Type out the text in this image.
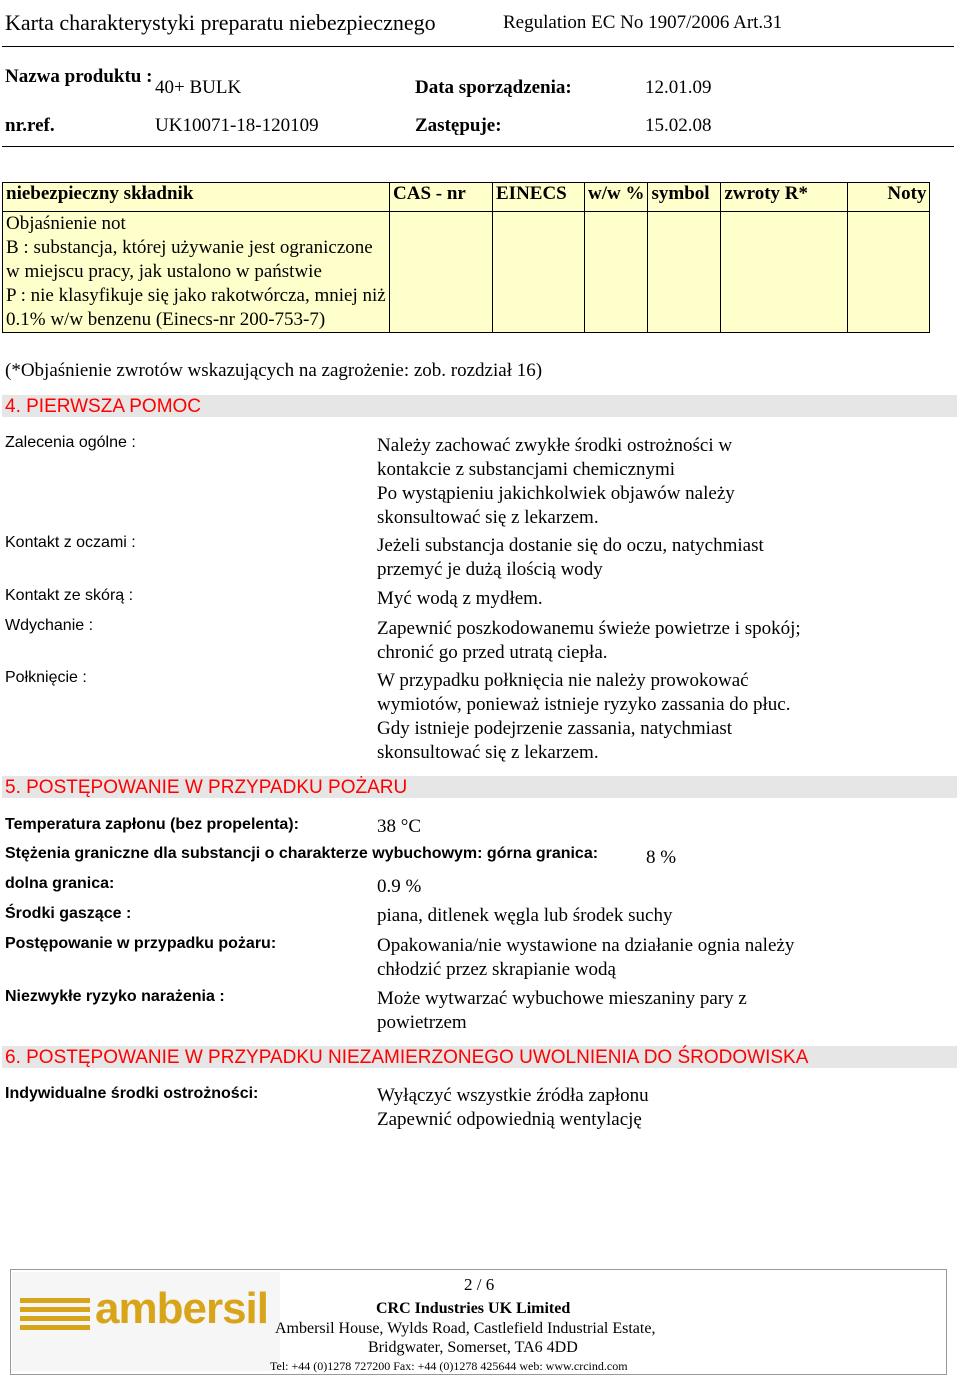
Karta charakterystyki preparatu niebezpiecznego	Regulation EC No 1907/2006 Art.31
Nazwa produktu :
40+ BULK	Data sporządzenia:	12.01.09
nr.ref.	UK10071-18-120109	Zastępuje:	15.02.08
niebezpieczny składnik	CAS - nr	EINECS	w/w %	symbol	zwroty R*	Noty

Objaśnienie not
B : substancja, której używanie jest ograniczone w miejscu pracy, jak ustalono w państwie
P : nie klasyfikuje się jako rakotwórcza, mniej niż 0.1% w/w benzenu (Einecs-nr 200-753-7)						

(*Objaśnienie zwrotów wskazujących na zagrożenie: zob. rozdział 16)
4. PIERWSZA POMOC
Zalecenia ogólne :	Należy zachować zwykłe środki ostrożności w
kontakcie z substancjami chemicznymi
Po wystąpieniu jakichkolwiek objawów należy
skonsultować się z lekarzem.
Kontakt z oczami :	Jeżeli substancja dostanie się do oczu, natychmiast
przemyć je dużą ilością wody
Kontakt ze skórą :	Myć wodą z mydłem.
Wdychanie :	Zapewnić poszkodowanemu świeże powietrze i spokój;
chronić go przed utratą ciepła.
Połknięcie :	W przypadku połknięcia nie należy prowokować
wymiotów, ponieważ istnieje ryzyko zassania do płuc.
Gdy istnieje podejrzenie zassania, natychmiast
skonsultować się z lekarzem.
5. POSTĘPOWANIE W PRZYPADKU POŻARU
Temperatura zapłonu (bez propelenta):	38 °C
Stężenia graniczne dla substancji o charakterze wybuchowym: górna granica:	8 %
dolna granica:	0.9 %
Środki gaszące :	piana, ditlenek węgla lub środek suchy
Postępowanie w przypadku pożaru:	Opakowania/nie wystawione na działanie ognia należy
chłodzić przez skrapianie wodą
Niezwykłe ryzyko narażenia :	Może wytwarzać wybuchowe mieszaniny pary z
powietrzem
6. POSTĘPOWANIE W PRZYPADKU NIEZAMIERZONEGO UWOLNIENIA DO ŚRODOWISKA
Indywidualne środki ostrożności:	Wyłączyć wszystkie źródła zapłonu
Zapewnić odpowiednią wentylację
ambersil	2 / 6
CRC Industries UK Limited
Ambersil House, Wylds Road, Castlefield Industrial Estate,
Bridgwater, Somerset, TA6 4DD
Tel: +44 (0)1278 727200 Fax: +44 (0)1278 425644 web: www.crcind.com
